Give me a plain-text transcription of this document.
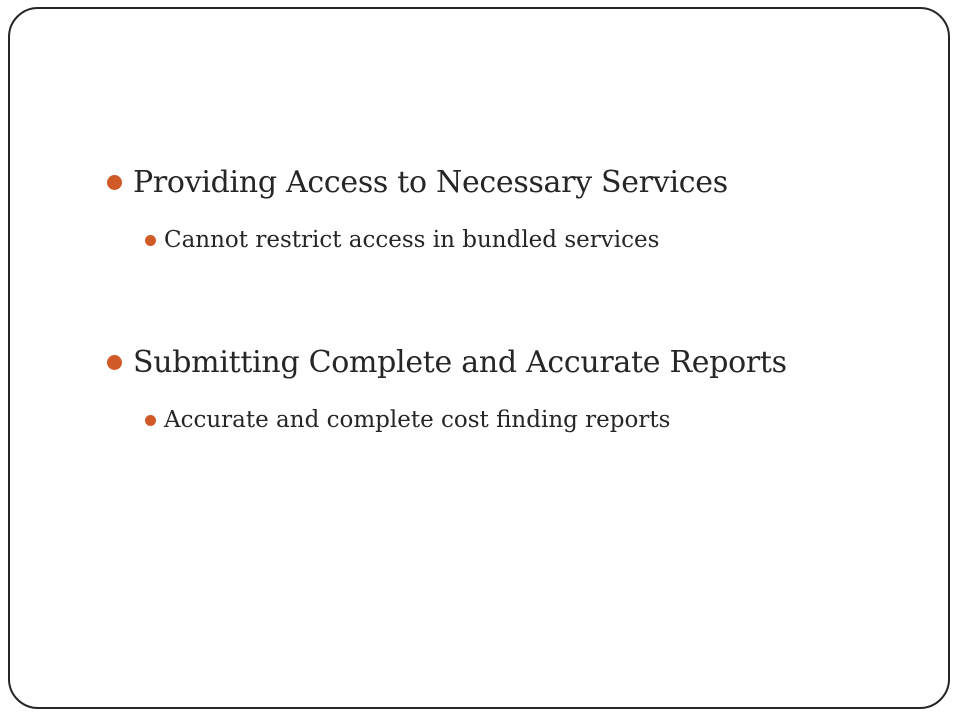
Providing Access to Necessary Services
Cannot restrict access in bundled services
Submitting Complete and Accurate Reports
Accurate and complete cost finding reports
